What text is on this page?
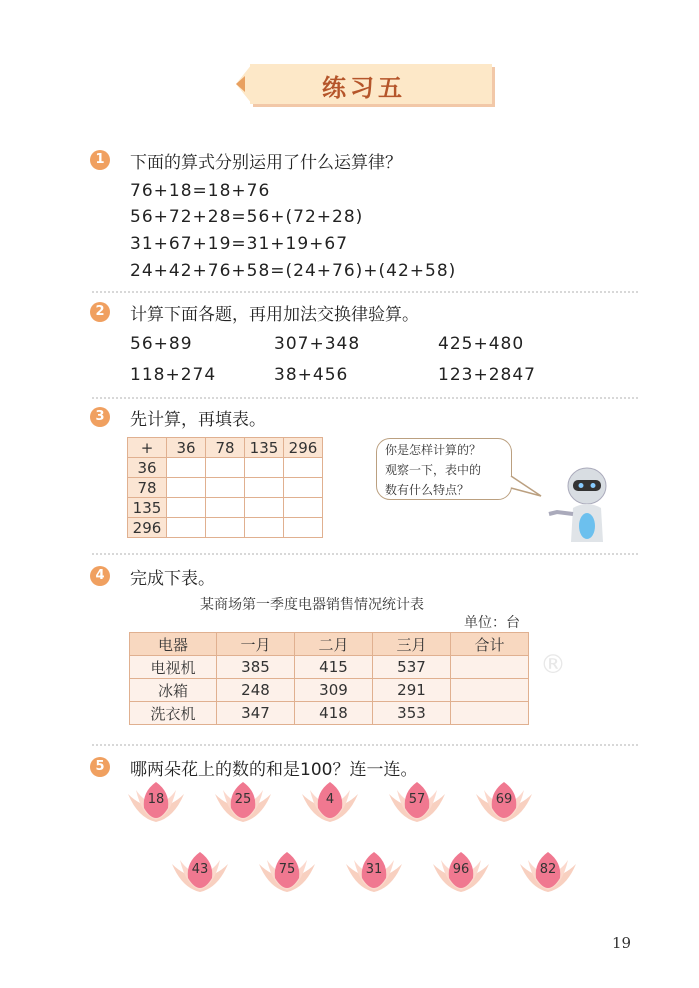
练习五
1	下面的算式分别运用了什么运算律？
76+18=18+76
56+72+28=56+(72+28)
31+67+19=31+19+67
24+42+76+58=(24+76)+(42+58)
2	计算下面各题，再用加法交换律验算。
56+89	307+348	425+480
118+274	38+456	123+2847
3	先计算，再填表。
+	36	78	135	296
36				
78				
135				
296				
你是怎样计算的？
观察一下，表中的
数有什么特点？
4	完成下表。
某商场第一季度电器销售情况统计表
单位：台
电器	一月	二月	三月	合计
电视机	385	415	537	
冰箱	248	309	291	
洗衣机	347	418	353	
®
5	哪两朵花上的数的和是100？连一连。
18	25	4	57	69
43	75	31	96	82
19
